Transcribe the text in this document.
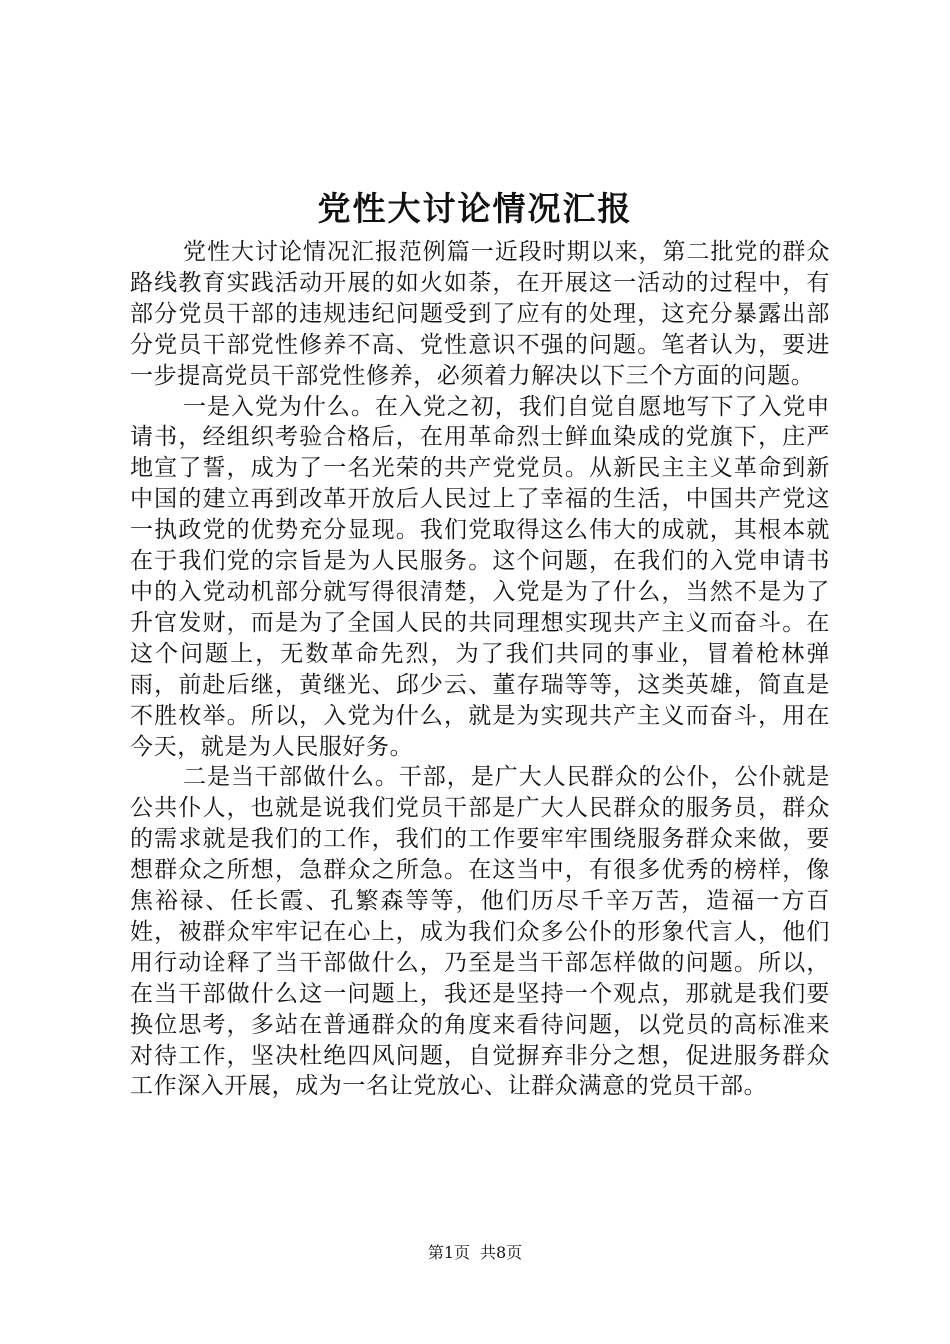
党性大讨论情况汇报

党性大讨论情况汇报范例篇一近段时期以来，第二批党的群众路线教育实践活动开展的如火如荼，在开展这一活动的过程中，有部分党员干部的违规违纪问题受到了应有的处理，这充分暴露出部分党员干部党性修养不高、党性意识不强的问题。笔者认为，要进一步提高党员干部党性修养，必须着力解决以下三个方面的问题。

一是入党为什么。在入党之初，我们自觉自愿地写下了入党申请书，经组织考验合格后，在用革命烈士鲜血染成的党旗下，庄严地宣了誓，成为了一名光荣的共产党党员。从新民主主义革命到新中国的建立再到改革开放后人民过上了幸福的生活，中国共产党这一执政党的优势充分显现。我们党取得这么伟大的成就，其根本就在于我们党的宗旨是为人民服务。这个问题，在我们的入党申请书中的入党动机部分就写得很清楚，入党是为了什么，当然不是为了升官发财，而是为了全国人民的共同理想实现共产主义而奋斗。在这个问题上，无数革命先烈，为了我们共同的事业，冒着枪林弹雨，前赴后继，黄继光、邱少云、董存瑞等等，这类英雄，简直是不胜枚举。所以，入党为什么，就是为实现共产主义而奋斗，用在今天，就是为人民服好务。

二是当干部做什么。干部，是广大人民群众的公仆，公仆就是公共仆人，也就是说我们党员干部是广大人民群众的服务员，群众的需求就是我们的工作，我们的工作要牢牢围绕服务群众来做，要想群众之所想，急群众之所急。在这当中，有很多优秀的榜样，像焦裕禄、任长霞、孔繁森等等，他们历尽千辛万苦，造福一方百姓，被群众牢牢记在心上，成为我们众多公仆的形象代言人，他们用行动诠释了当干部做什么，乃至是当干部怎样做的问题。所以，在当干部做什么这一问题上，我还是坚持一个观点，那就是我们要换位思考，多站在普通群众的角度来看待问题，以党员的高标准来对待工作，坚决杜绝四风问题，自觉摒弃非分之想，促进服务群众工作深入开展，成为一名让党放心、让群众满意的党员干部。

第1页 共8页
